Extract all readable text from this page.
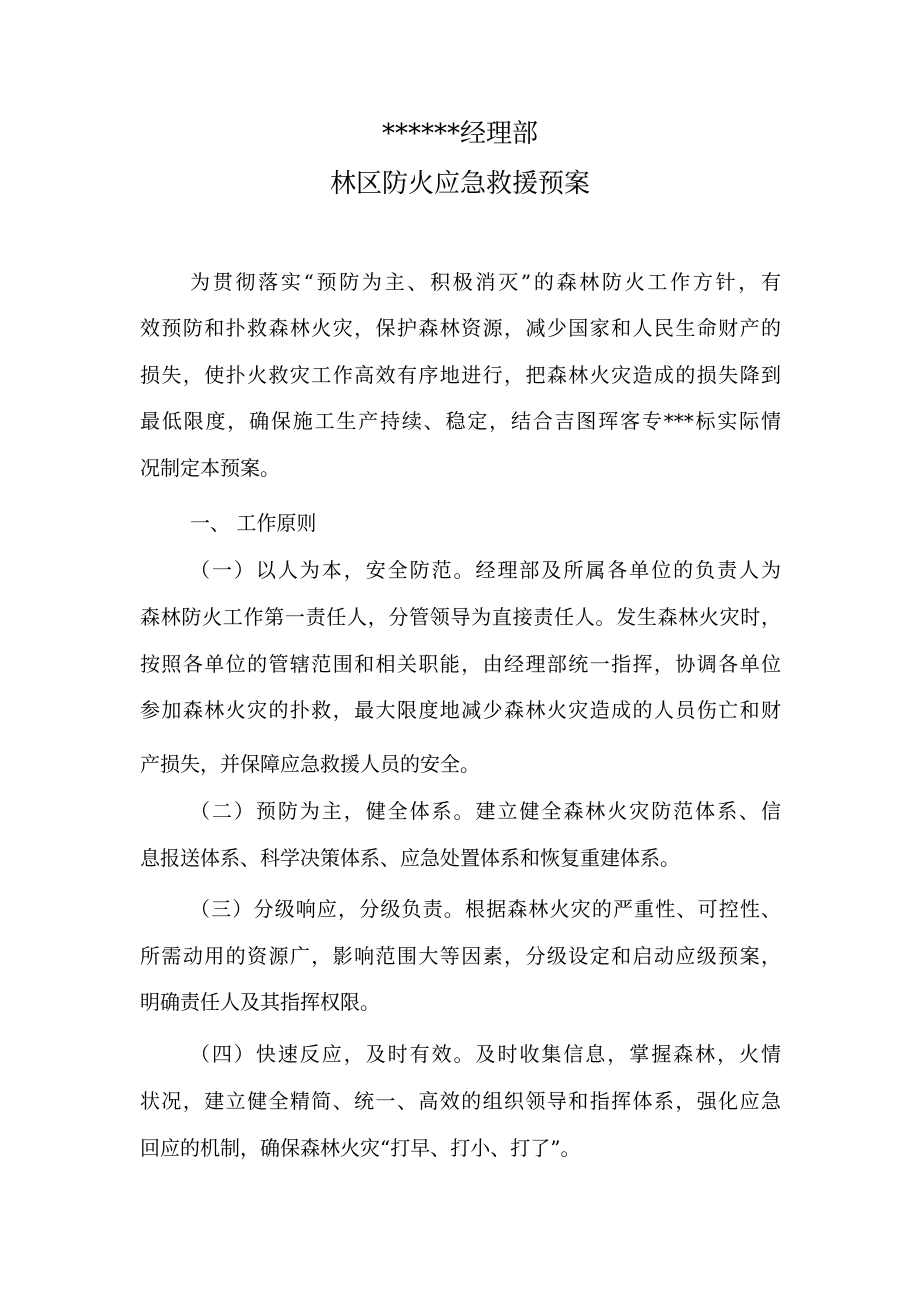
******经理部
林区防火应急救援预案
为贯彻落实“预防为主、积极消灭”的森林防火工作方针，有
效预防和扑救森林火灾，保护森林资源，减少国家和人民生命财产的
损失，使扑火救灾工作高效有序地进行，把森林火灾造成的损失降到
最低限度，确保施工生产持续、稳定，结合吉图珲客专***标实际情
况制定本预案。
一、 工作原则
（一）以人为本，安全防范。经理部及所属各单位的负责人为
森林防火工作第一责任人，分管领导为直接责任人。发生森林火灾时，
按照各单位的管辖范围和相关职能，由经理部统一指挥，协调各单位
参加森林火灾的扑救，最大限度地减少森林火灾造成的人员伤亡和财
产损失，并保障应急救援人员的安全。
（二）预防为主，健全体系。建立健全森林火灾防范体系、信
息报送体系、科学决策体系、应急处置体系和恢复重建体系。
（三）分级响应，分级负责。根据森林火灾的严重性、可控性、
所需动用的资源广，影响范围大等因素，分级设定和启动应级预案，
明确责任人及其指挥权限。
（四）快速反应，及时有效。及时收集信息，掌握森林，火情
状况，建立健全精简、统一、高效的组织领导和指挥体系，强化应急
回应的机制，确保森林火灾“打早、打小、打了”。
